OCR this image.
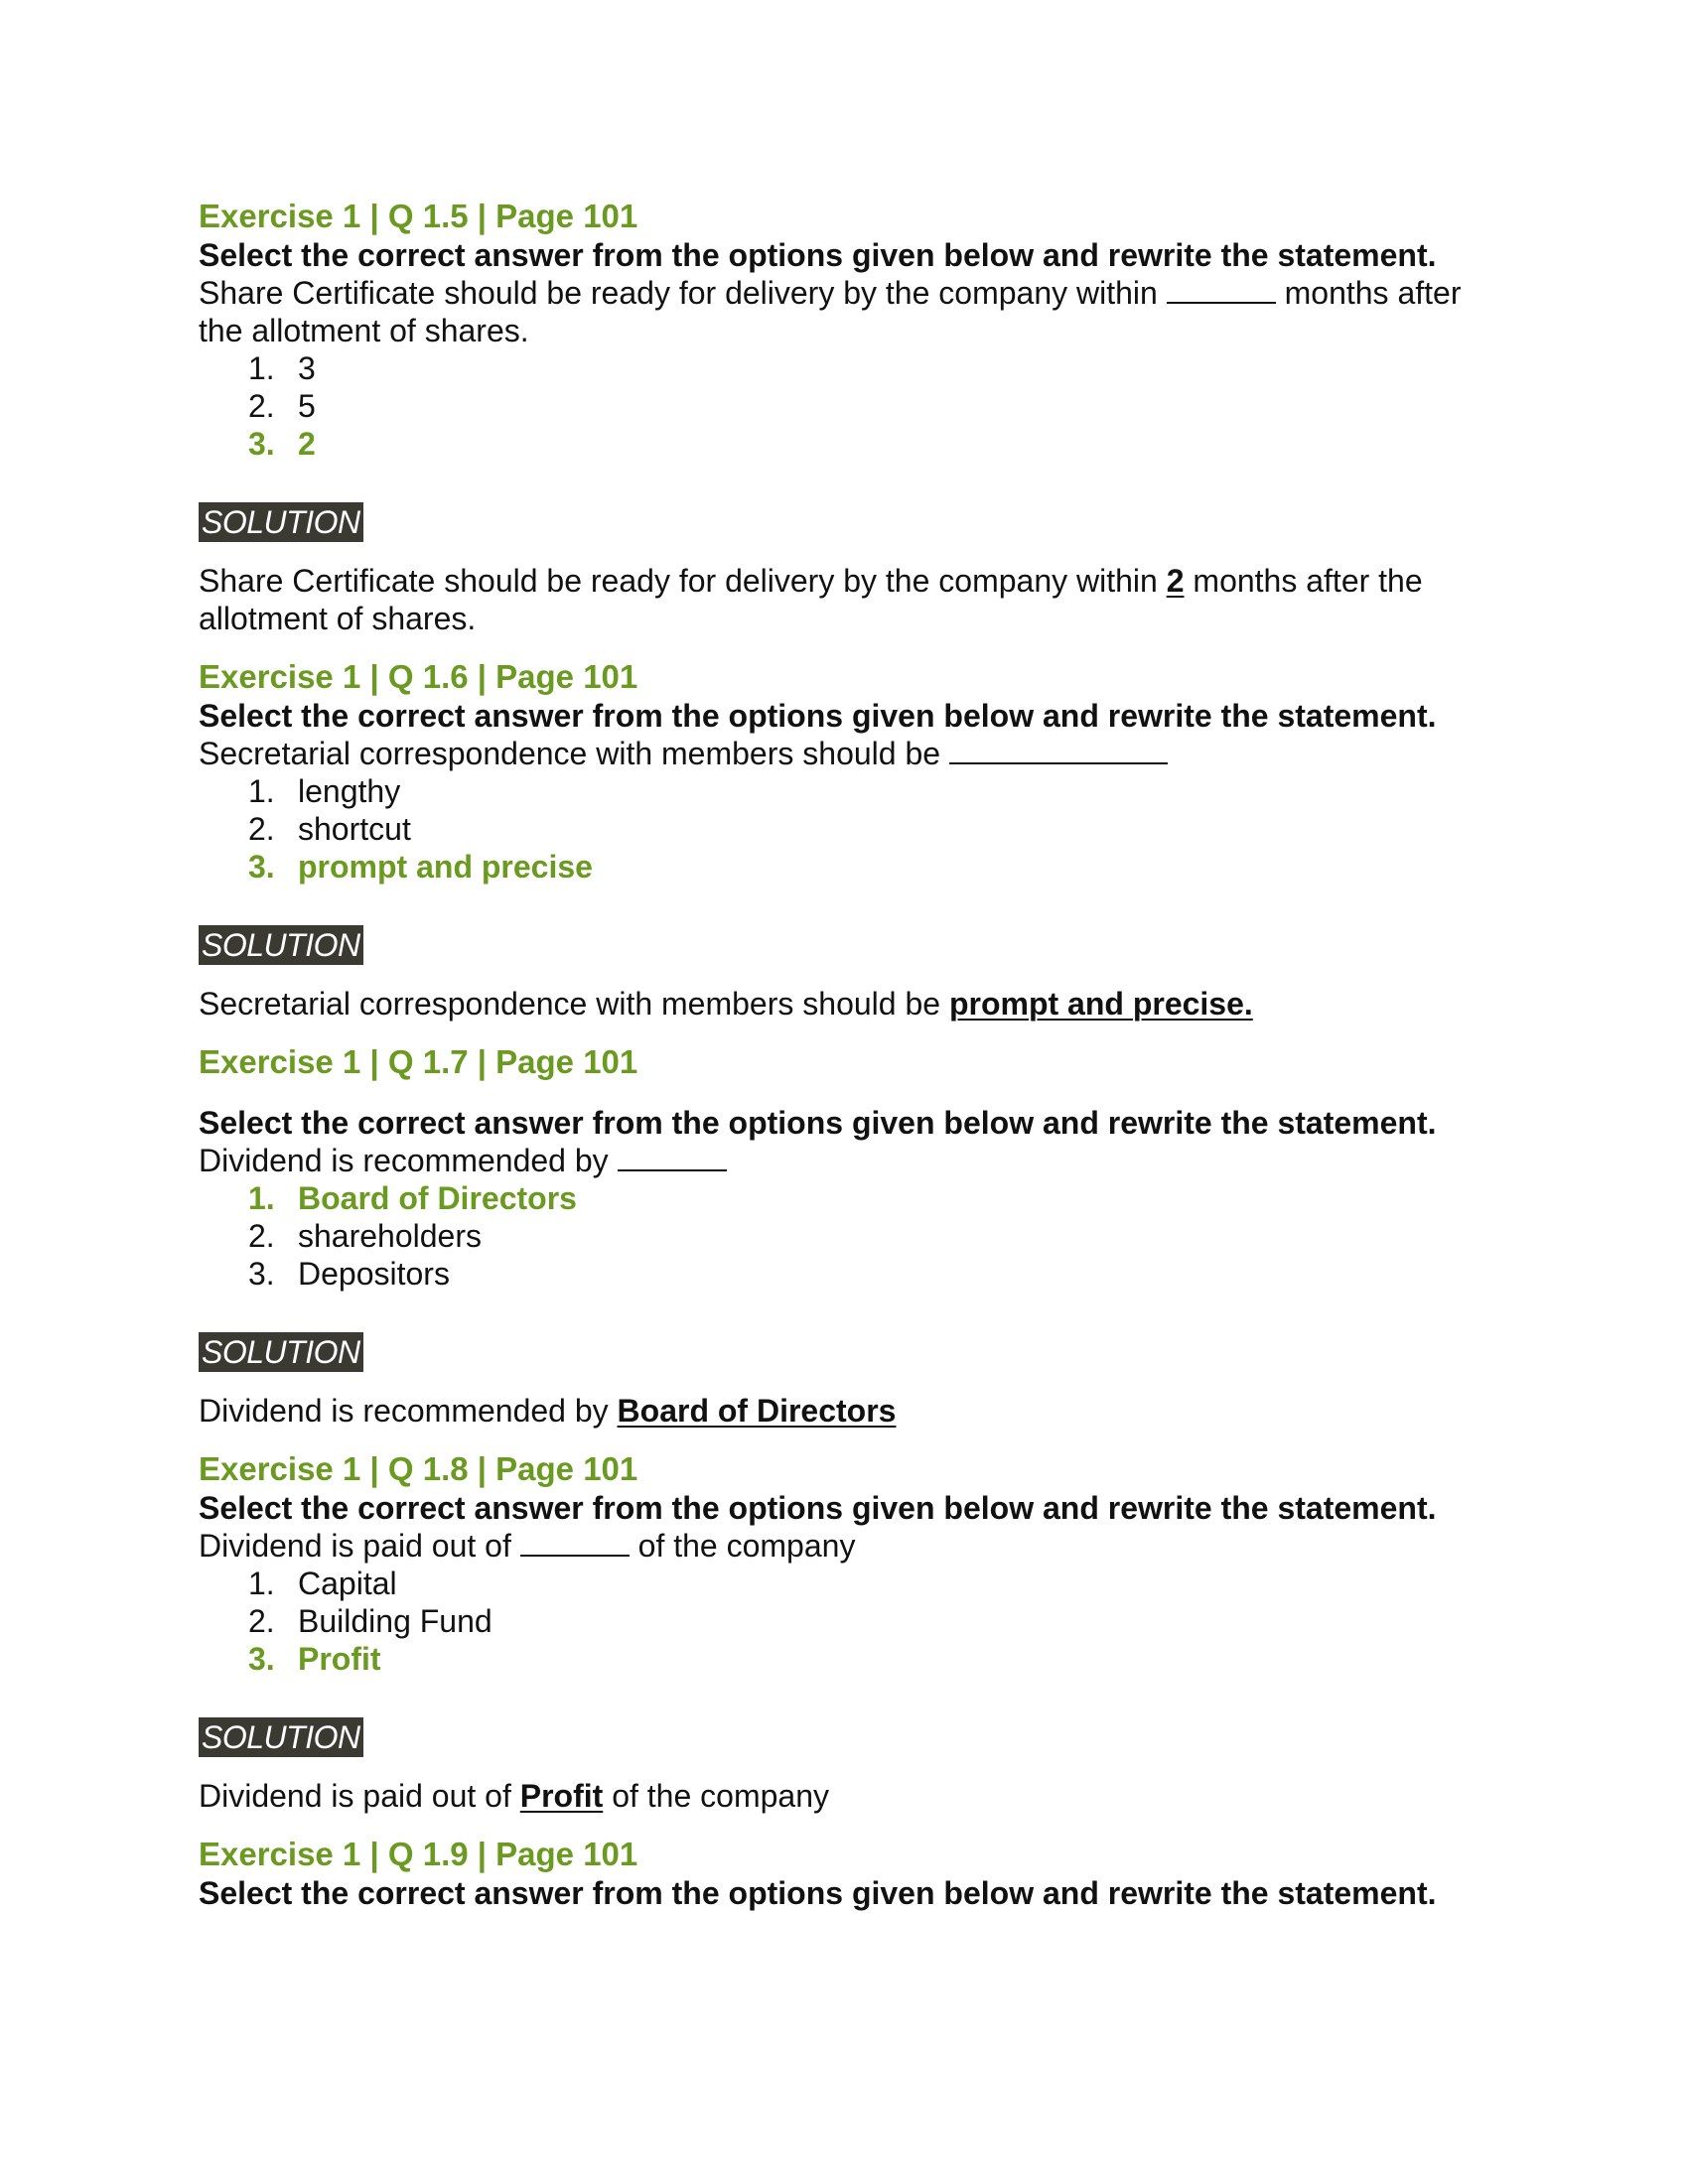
Exercise 1 | Q 1.5 | Page 101
Select the correct answer from the options given below and rewrite the statement.
Share Certificate should be ready for delivery by the company within	months after the allotment of shares.
1. 3
2. 5
3. 2
SOLUTION
Share Certificate should be ready for delivery by the company within 2 months after the allotment of shares.
Exercise 1 | Q 1.6 | Page 101
Select the correct answer from the options given below and rewrite the statement.
Secretarial correspondence with members should be
1. lengthy
2. shortcut
3. prompt and precise
SOLUTION
Secretarial correspondence with members should be prompt and precise.
Exercise 1 | Q 1.7 | Page 101
Select the correct answer from the options given below and rewrite the statement.
Dividend is recommended by
1. Board of Directors
2. shareholders
3. Depositors
SOLUTION
Dividend is recommended by Board of Directors
Exercise 1 | Q 1.8 | Page 101
Select the correct answer from the options given below and rewrite the statement.
Dividend is paid out of	of the company
1. Capital
2. Building Fund
3. Profit
SOLUTION
Dividend is paid out of Profit of the company
Exercise 1 | Q 1.9 | Page 101
Select the correct answer from the options given below and rewrite the statement.
